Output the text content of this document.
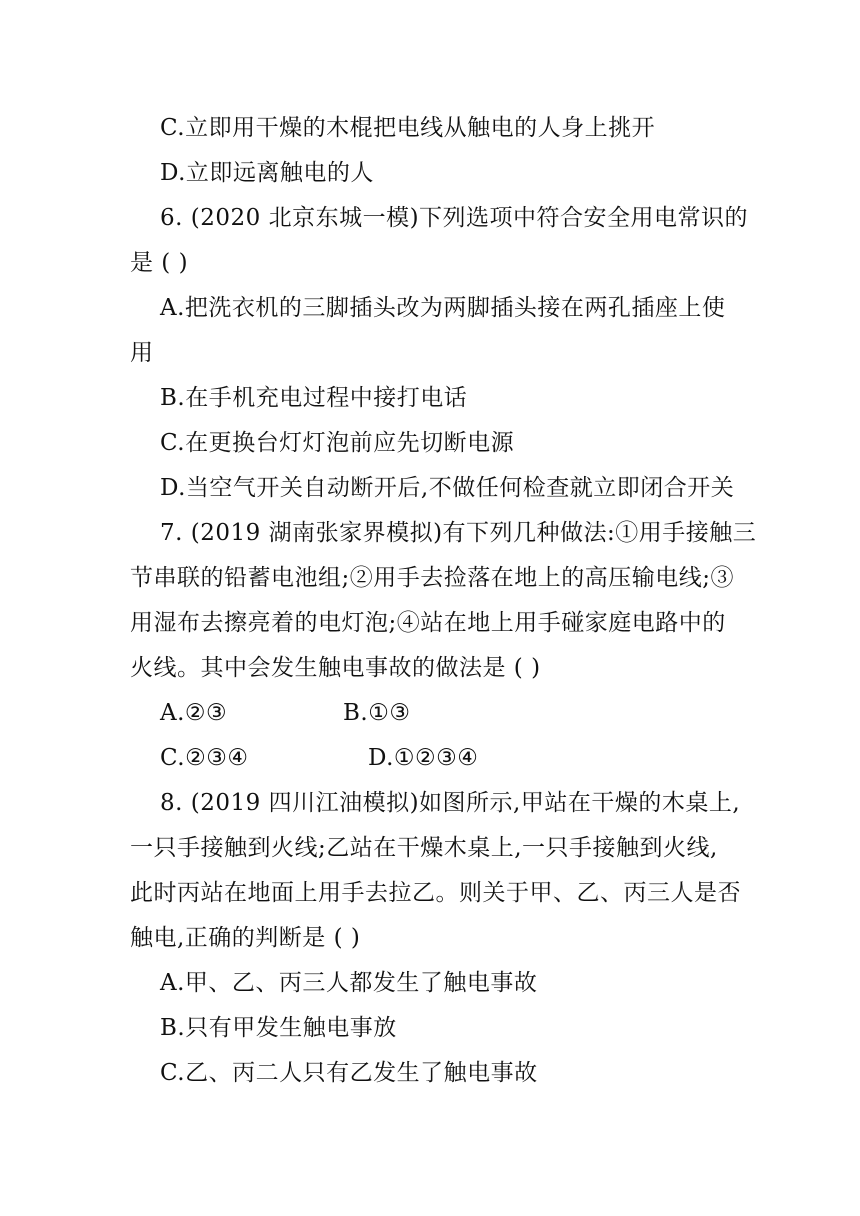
C.立即用干燥的木棍把电线从触电的人身上挑开

D.立即远离触电的人

6. (2020 北京东城一模)下列选项中符合安全用电常识的

是 ( )

A.把洗衣机的三脚插头改为两脚插头接在两孔插座上使

用

B.在手机充电过程中接打电话

C.在更换台灯灯泡前应先切断电源

D.当空气开关自动断开后,不做任何检查就立即闭合开关

7. (2019 湖南张家界模拟)有下列几种做法:①用手接触三

节串联的铅蓄电池组;②用手去捡落在地上的高压输电线;③

用湿布去擦亮着的电灯泡;④站在地上用手碰家庭电路中的

火线。其中会发生触电事故的做法是 ( )

A.②③	B.①③

C.②③④	D.①②③④

8. (2019 四川江油模拟)如图所示,甲站在干燥的木桌上,

一只手接触到火线;乙站在干燥木桌上,一只手接触到火线,

此时丙站在地面上用手去拉乙。则关于甲、乙、丙三人是否

触电,正确的判断是 ( )

A.甲、乙、丙三人都发生了触电事故

B.只有甲发生触电事放

C.乙、丙二人只有乙发生了触电事故
